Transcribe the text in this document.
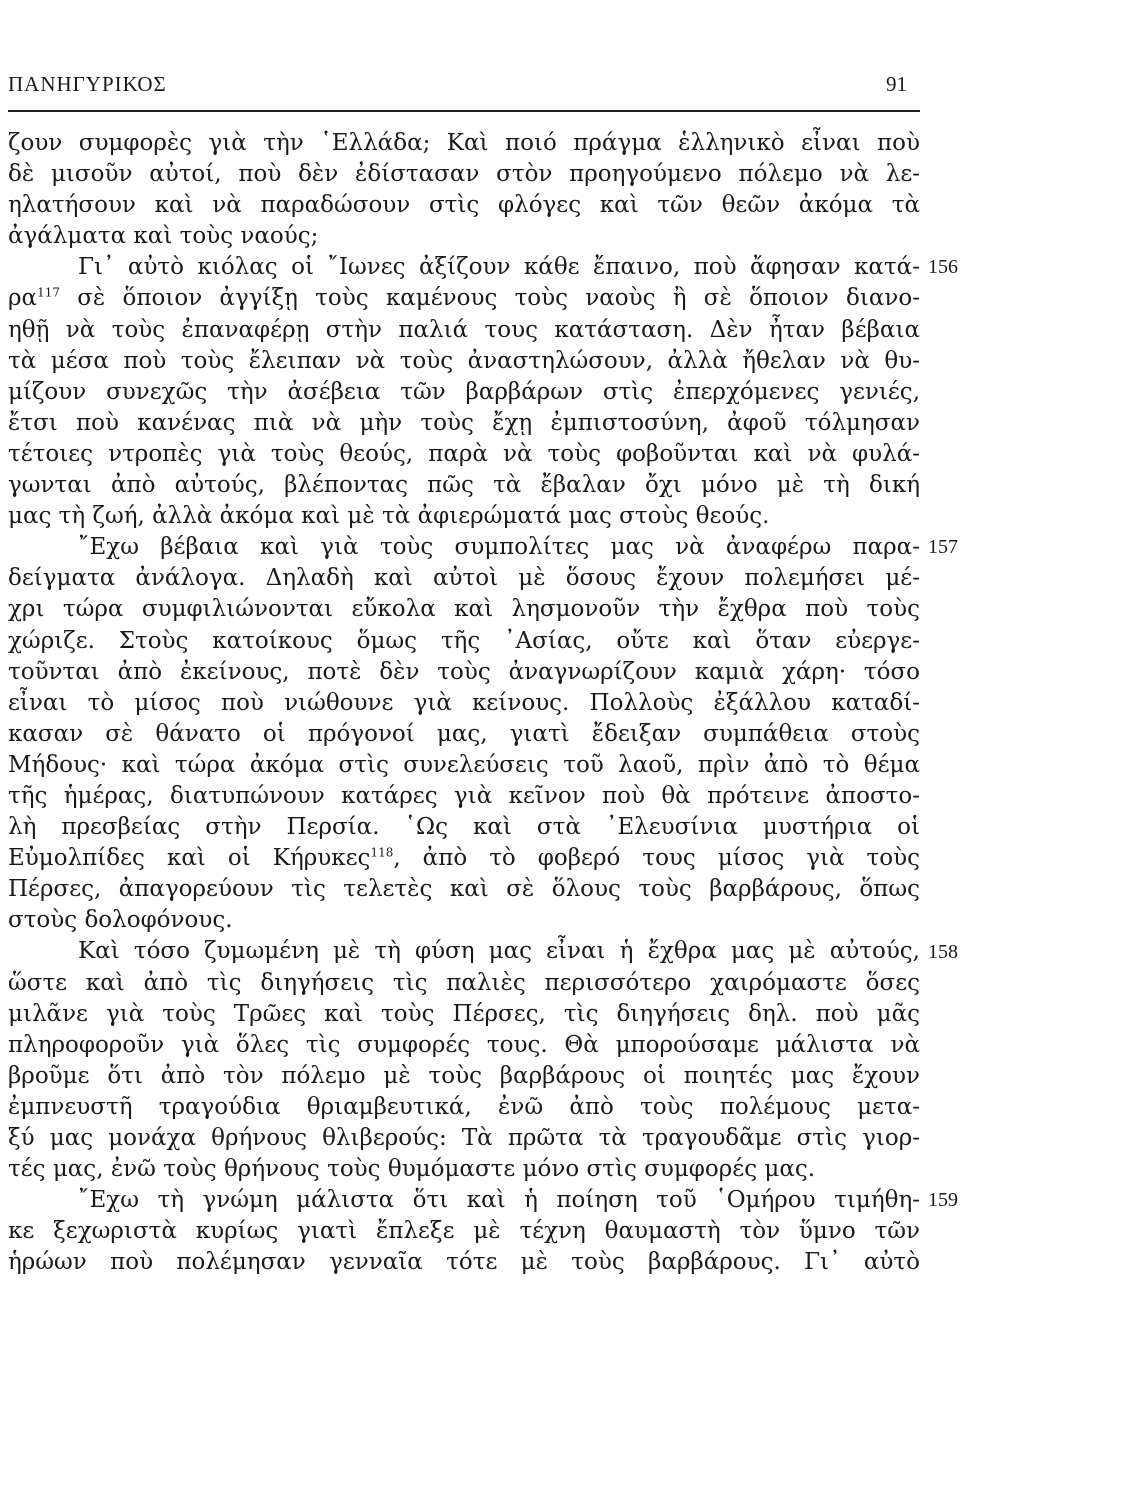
ΠΑΝΗΓΥΡΙΚΟΣ	91
ζουν συμφορὲς γιὰ τὴν ῾Ελλάδα; Καὶ ποιό πράγμα ἑλληνικὸ εἶναι ποὺ
δὲ μισοῦν αὐτοί, ποὺ δὲν ἐδίστασαν στὸν προηγούμενο πόλεμο νὰ λε-
ηλατήσουν καὶ νὰ παραδώσουν στὶς φλόγες καὶ τῶν θεῶν ἀκόμα τὰ
ἀγάλματα καὶ τοὺς ναούς;
Γι᾿ αὐτὸ κιόλας οἱ ῎Ιωνες ἀξίζουν κάθε ἔπαινο, ποὺ ἄφησαν κατά-
$\rho\alpha^{117}$ σὲ ὅποιον ἀγγίξῃ τοὺς καμένους τοὺς ναοὺς ἢ σὲ ὅποιον διανο-
ηθῇ νὰ τοὺς ἐπαναφέρῃ στὴν παλιά τους κατάσταση. Δὲν ἦταν βέβαια
τὰ μέσα ποὺ τοὺς ἔλειπαν νὰ τοὺς ἀναστηλώσουν, ἀλλὰ ἤθελαν νὰ θυ-
μίζουν συνεχῶς τὴν ἀσέβεια τῶν βαρβάρων στὶς ἐπερχόμενες γενιές,
ἔτσι ποὺ κανένας πιὰ νὰ μὴν τοὺς ἔχῃ ἐμπιστοσύνη, ἀφοῦ τόλμησαν
τέτοιες ντροπὲς γιὰ τοὺς θεούς, παρὰ νὰ τοὺς φοβοῦνται καὶ νὰ φυλά-
γωνται ἀπὸ αὐτούς, βλέποντας πῶς τὰ ἔβαλαν ὄχι μόνο μὲ τὴ δική
μας τὴ ζωή, ἀλλὰ ἀκόμα καὶ μὲ τὰ ἀφιερώματά μας στοὺς θεούς.
῎Εχω βέβαια καὶ γιὰ τοὺς συμπολίτες μας νὰ ἀναφέρω παρα-
δείγματα ἀνάλογα. Δηλαδὴ καὶ αὐτοὶ μὲ ὅσους ἔχουν πολεμήσει μέ-
χρι τώρα συμφιλιώνονται εὔκολα καὶ λησμονοῦν τὴν ἔχθρα ποὺ τοὺς
χώριζε. Στοὺς κατοίκους ὅμως τῆς ᾿Ασίας, οὔτε καὶ ὅταν εὐεργε-
τοῦνται ἀπὸ ἐκείνους, ποτὲ δὲν τοὺς ἀναγνωρίζουν καμιὰ χάρη· τόσο
εἶναι τὸ μίσος ποὺ νιώθουνε γιὰ κείνους. Πολλοὺς ἐξάλλου καταδί-
κασαν σὲ θάνατο οἱ πρόγονοί μας, γιατὶ ἔδειξαν συμπάθεια στοὺς
Μήδους· καὶ τώρα ἀκόμα στὶς συνελεύσεις τοῦ λαοῦ, πρὶν ἀπὸ τὸ θέμα
τῆς ἡμέρας, διατυπώνουν κατάρες γιὰ κεῖνον ποὺ θὰ πρότεινε ἀποστο-
λὴ πρεσβείας στὴν Περσία. ῾Ως καὶ στὰ ᾿Ελευσίνια μυστήρια οἱ
Εὐμολπίδες καὶ οἱ Κήρυκες$^{118}$, ἀπὸ τὸ φοβερό τους μίσος γιὰ τοὺς
Πέρσες, ἀπαγορεύουν τὶς τελετὲς καὶ σὲ ὅλους τοὺς βαρβάρους, ὅπως
στοὺς δολοφόνους.
Καὶ τόσο ζυμωμένη μὲ τὴ φύση μας εἶναι ἡ ἔχθρα μας μὲ αὐτούς,
ὥστε καὶ ἀπὸ τὶς διηγήσεις τὶς παλιὲς περισσότερο χαιρόμαστε ὅσες
μιλᾶνε γιὰ τοὺς Τρῶες καὶ τοὺς Πέρσες, τὶς διηγήσεις δηλ. ποὺ μᾶς
πληροφοροῦν γιὰ ὅλες τὶς συμφορές τους. Θὰ μπορούσαμε μάλιστα νὰ
βροῦμε ὅτι ἀπὸ τὸν πόλεμο μὲ τοὺς βαρβάρους οἱ ποιητές μας ἔχουν
ἐμπνευστῆ τραγούδια θριαμβευτικά, ἐνῶ ἀπὸ τοὺς πολέμους μετα-
ξύ μας μονάχα θρήνους θλιβερούς: Τὰ πρῶτα τὰ τραγουδᾶμε στὶς γιορ-
τές μας, ἐνῶ τοὺς θρήνους τοὺς θυμόμαστε μόνο στὶς συμφορές μας.
῎Εχω τὴ γνώμη μάλιστα ὅτι καὶ ἡ ποίηση τοῦ ῾Ομήρου τιμήθη-
κε ξεχωριστὰ κυρίως γιατὶ ἔπλεξε μὲ τέχνη θαυμαστὴ τὸν ὕμνο τῶν
ἡρώων ποὺ πολέμησαν γενναῖα τότε μὲ τοὺς βαρβάρους. Γι᾿ αὐτὸ
156
157
158
159
